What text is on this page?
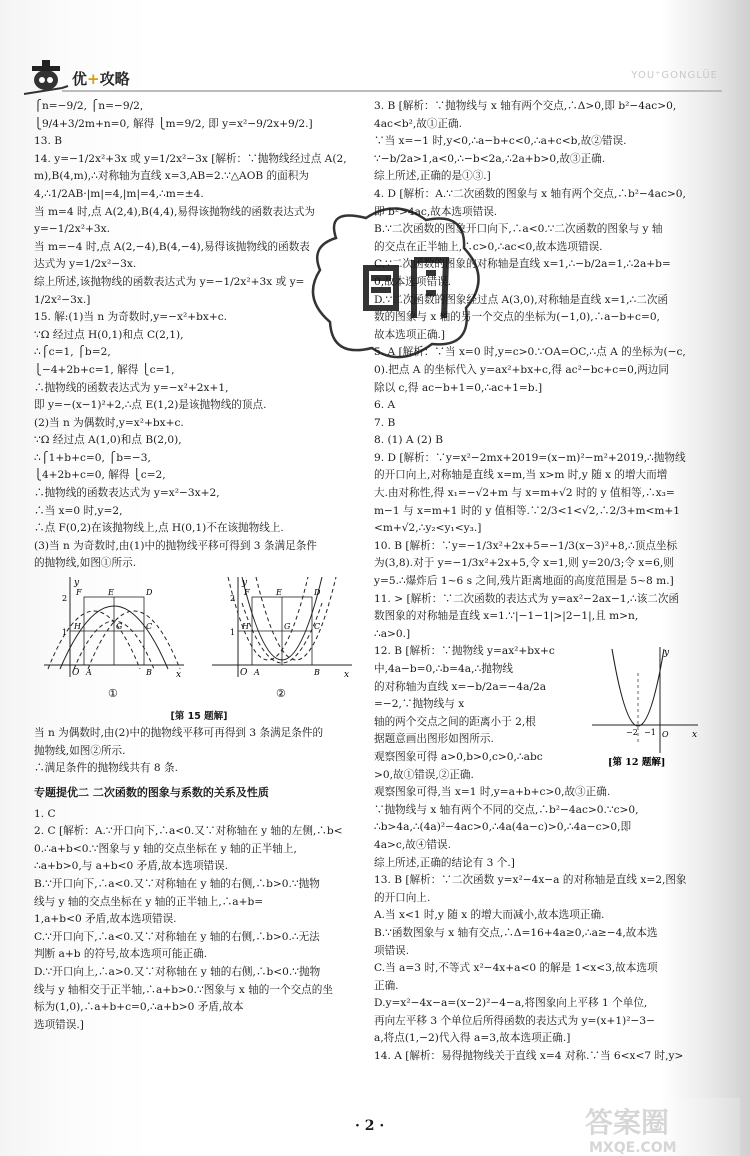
优+攻略	YOU⁺GONGLÜE
⎧n=−9/2, ⎧n=−9/2,
⎩9/4+3/2m+n=0, 解得 ⎩m=9/2, 即 y=x²−9/2x+9/2.]
13. B
14. y=−1/2x²+3x 或 y=1/2x²−3x [解析：∵抛物线经过点 A(2,
m),B(4,m),∴对称轴为直线 x=3,AB=2.∵△AOB 的面积为
4,∴1/2AB·|m|=4,|m|=4,∴m=±4.
当 m=4 时,点 A(2,4),B(4,4),易得该抛物线的函数表达式为
y=−1/2x²+3x.
当 m=−4 时,点 A(2,−4),B(4,−4),易得该抛物线的函数表
达式为 y=1/2x²−3x.
综上所述,该抛物线的函数表达式为 y=−1/2x²+3x 或 y=
1/2x²−3x.]
15. 解:(1)当 n 为奇数时,y=−x²+bx+c.
∵Ω 经过点 H(0,1)和点 C(2,1),
∴⎧c=1, ⎧b=2,
⎩−4+2b+c=1, 解得 ⎩c=1,
∴抛物线的函数表达式为 y=−x²+2x+1,
即 y=−(x−1)²+2,∴点 E(1,2)是该抛物线的顶点.
(2)当 n 为偶数时,y=x²+bx+c.
∵Ω 经过点 A(1,0)和点 B(2,0),
∴⎧1+b+c=0, ⎧b=−3,
⎩4+2b+c=0, 解得 ⎩c=2,
∴抛物线的函数表达式为 y=x²−3x+2,
∴当 x=0 时,y=2,
∴点 F(0,2)在该抛物线上,点 H(0,1)不在该抛物线上.
(3)当 n 为奇数时,由(1)中的抛物线平移可得到 3 条满足条件
的抛物线,如图①所示.
y
x
O
F	E	D
H	G	C
A	B
2
1
①
y
x
O
F	E	D
H	G	C
A	B
2
1
②
[第 15 题解]
当 n 为偶数时,由(2)中的抛物线平移可再得到 3 条满足条件的
抛物线,如图②所示.
∴满足条件的抛物线共有 8 条.
专题提优二 二次函数的图象与系数的关系及性质
1. C
2. C [解析：A.∵开口向下,∴a<0.又∵对称轴在 y 轴的左侧,∴b<
0.∴a+b<0.∵图象与 y 轴的交点坐标在 y 轴的正半轴上,
∴a+b>0,与 a+b<0 矛盾,故本选项错误.
B.∵开口向下,∴a<0.又∵对称轴在 y 轴的右侧,∴b>0.∵抛物
线与 y 轴的交点坐标在 y 轴的正半轴上,∴a+b=
1,a+b<0 矛盾,故本选项错误.
C.∵开口向下,∴a<0.又∵对称轴在 y 轴的右侧,∴b>0.∴无法
判断 a+b 的符号,故本选项可能正确.
D.∵开口向上,∴a>0.又∵对称轴在 y 轴的右侧,∴b<0.∵抛物
线与 y 轴相交于正半轴,∴a+b>0.∵图象与 x 轴的一个交点的坐
标为(1,0),∴a+b+c=0,∴a+b>0 矛盾,故本
选项错误.]
3. B [解析：∵抛物线与 x 轴有两个交点,∴Δ>0,即 b²−4ac>0,
4ac<b²,故①正确.
∵当 x=−1 时,y<0,∴a−b+c<0,∴a+c<b,故②错误.
∵−b/2a>1,a<0,∴−b<2a,∴2a+b>0,故③正确.
综上所述,正确的是①③.]
4. D [解析：A.∵二次函数的图象与 x 轴有两个交点,∴b²−4ac>0,
即 b²>4ac,故本选项错误.
B.∵二次函数的图象开口向下,∴a<0.∵二次函数的图象与 y 轴
的交点在正半轴上,∴c>0,∴ac<0,故本选项错误.
C.∵二次函数的图象的对称轴是直线 x=1,∴−b/2a=1,∴2a+b=
0,故本选项错误.
D.∵二次函数的图象经过点 A(3,0),对称轴是直线 x=1,∴二次函
数的图象与 x 轴的另一个交点的坐标为(−1,0),∴a−b+c=0,
故本选项正确.]
5. A [解析：∵当 x=0 时,y=c>0.∵OA=OC,∴点 A 的坐标为(−c,
0).把点 A 的坐标代入 y=ax²+bx+c,得 ac²−bc+c=0,两边同
除以 c,得 ac−b+1=0,∴ac+1=b.]
6. A
7. B
8. (1) A (2) B
9. D [解析：∵y=x²−2mx+2019=(x−m)²−m²+2019,∴抛物线
的开口向上,对称轴是直线 x=m,当 x>m 时,y 随 x 的增大而增
大.由对称性,得 x₁=−√2+m 与 x=m+√2 时的 y 值相等,∴x₃=
m−1 与 x=m+1 时的 y 值相等.∵2/3<1<√2,∴2/3+m<m+1
<m+√2,∴y₂<y₁<y₃.]
10. B [解析：∵y=−1/3x²+2x+5=−1/3(x−3)²+8,∴顶点坐标
为(3,8).对于 y=−1/3x²+2x+5,令 x=1,则 y=20/3;令 x=6,则
y=5.∴爆炸后 1~6 s 之间,残片距离地面的高度范围是 5~8 m.]
11. > [解析：∵二次函数的表达式为 y=ax²−2ax−1,∴该二次函
数图象的对称轴是直线 x=1.∵|−1−1|>|2−1|,且 m>n,
∴a>0.]
12. B [解析：∵抛物线 y=ax²+bx+c
中,4a−b=0,∴b=4a,∴抛物线
的对称轴为直线 x=−b/2a=−4a/2a
=−2,∵抛物线与 x
轴的两个交点之间的距离小于 2,根
据题意画出图形如图所示.
观察图象可得 a>0,b>0,c>0,∴abc
>0,故①错误,②正确.
观察图象可得,当 x=1 时,y=a+b+c>0,故③正确.
∵抛物线与 x 轴有两个不同的交点,∴b²−4ac>0.∵c>0,
∴b>4a,∴(4a)²−4ac>0,∴4a(4a−c)>0,∴4a−c>0,即
4a>c,故④错误.
综上所述,正确的结论有 3 个.]
13. B [解析：∵二次函数 y=x²−4x−a 的对称轴是直线 x=2,图象
的开口向上.
A.当 x<1 时,y 随 x 的增大而减小,故本选项正确.
B.∵函数图象与 x 轴有交点,∴Δ=16+4a≥0,∴a≥−4,故本选
项错误.
C.当 a=3 时,不等式 x²−4x+a<0 的解是 1<x<3,故本选项
正确.
D.y=x²−4x−a=(x−2)²−4−a,将图象向上平移 1 个单位,
再向左平移 3 个单位后所得函数的表达式为 y=(x+1)²−3−
a,将点(1,−2)代入得 a=3,故本选项正确.]
14. A [解析：易得抛物线关于直线 x=4 对称.∵当 6<x<7 时,y>
y
x
O
−2 −1
[第 12 题解]
· 2 ·	答案圈
MXQE.COM
